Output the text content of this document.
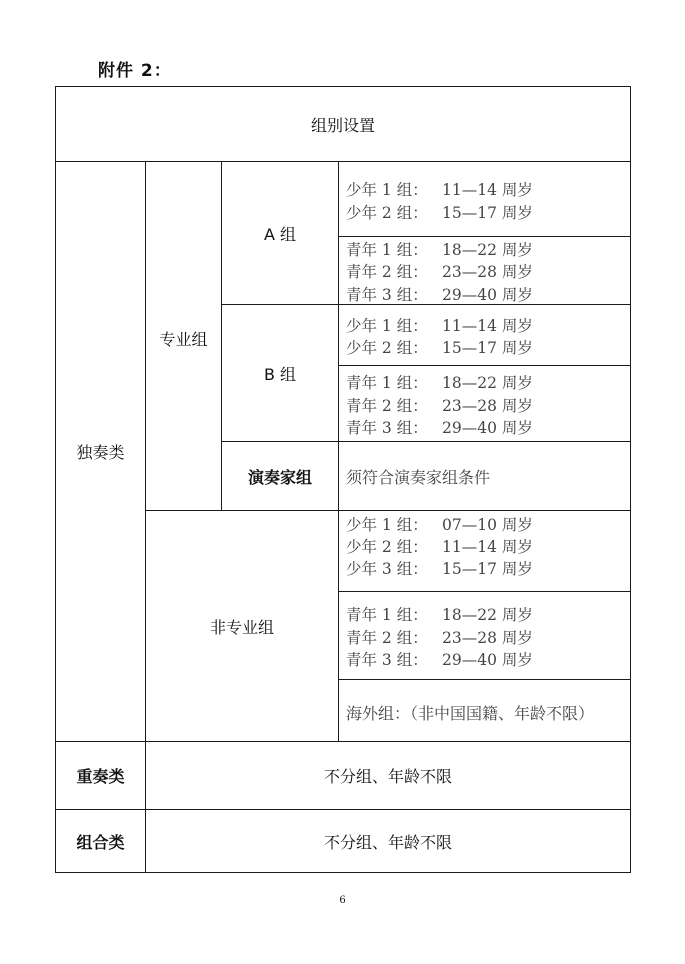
附件 2：
组别设置
独奏类
专业组
非专业组
A 组
B 组
演奏家组
重奏类
组合类
不分组、年龄不限
不分组、年龄不限
少年 1 组： 11—14 周岁
少年 2 组： 15—17 周岁
青年 1 组： 18—22 周岁
青年 2 组： 23—28 周岁
青年 3 组： 29—40 周岁
少年 1 组： 11—14 周岁
少年 2 组： 15—17 周岁
青年 1 组： 18—22 周岁
青年 2 组： 23—28 周岁
青年 3 组： 29—40 周岁
须符合演奏家组条件
少年 1 组： 07—10 周岁
少年 2 组： 11—14 周岁
少年 3 组： 15—17 周岁
青年 1 组： 18—22 周岁
青年 2 组： 23—28 周岁
青年 3 组： 29—40 周岁
海外组：（非中国国籍、年龄不限）
6
